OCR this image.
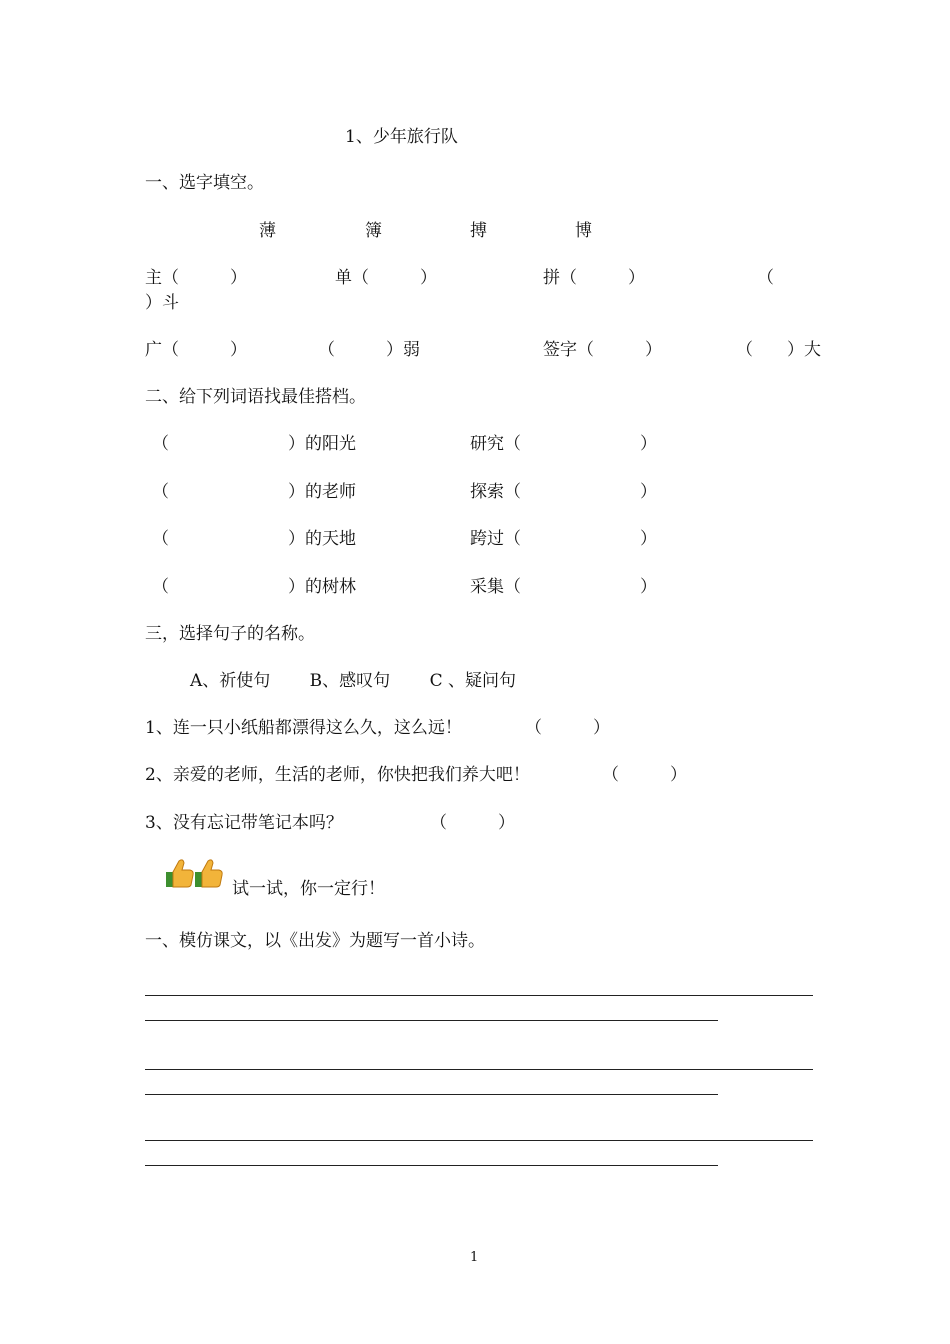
1、少年旅行队
一、选字填空。
薄	簿	搏	博
主（　　　）	单（　　　）	拼（　　　）	（
）斗
广（　　　）	（　　　）弱	签字（　　　）	（　　）大
二、给下列词语找最佳搭档。
（　　　　　　　）的阳光	研究（　　　　　　　）
（　　　　　　　）的老师	探索（　　　　　　　）
（　　　　　　　）的天地	跨过（　　　　　　　）
（　　　　　　　）的树林	采集（　　　　　　　）
三，选择句子的名称。
A、祈使句　　 B、感叹句　　 C 、疑问句
1、连一只小纸船都漂得这么久，这么远！	（　　　）
2、亲爱的老师，生活的老师，你快把我们养大吧！	（　　　）
3、没有忘记带笔记本吗？	（　　　）
试一试，你一定行！
一、模仿课文，以《出发》为题写一首小诗。
1
